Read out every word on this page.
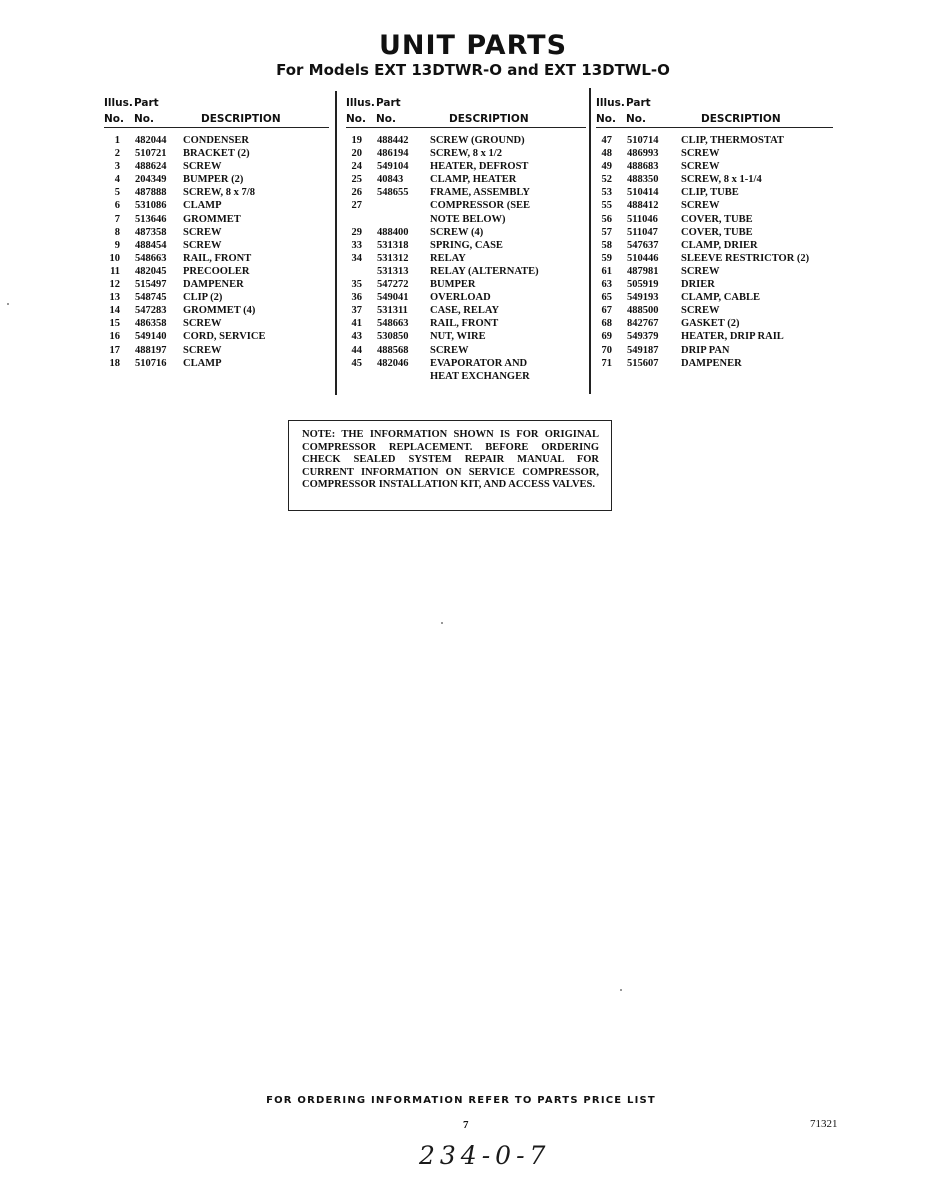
UNIT PARTS
For Models EXT 13DTWR-O and EXT 13DTWL-O
Illus. Part
No. No.	DESCRIPTION
1 482044 CONDENSER
2 510721 BRACKET (2)
3 488624 SCREW
4 204349 BUMPER (2)
5 487888 SCREW, 8 x 7/8
6 531086 CLAMP
7 513646 GROMMET
8 487358 SCREW
9 488454 SCREW
10 548663 RAIL, FRONT
11 482045 PRECOOLER
12 515497 DAMPENER
13 548745 CLIP (2)
14 547283 GROMMET (4)
15 486358 SCREW
16 549140 CORD, SERVICE
17 488197 SCREW
18 510716 CLAMP
Illus. Part
No. No.	DESCRIPTION
19 488442 SCREW (GROUND)
20 486194 SCREW, 8 x 1/2
24 549104 HEATER, DEFROST
25 40843	CLAMP, HEATER
26 548655 FRAME, ASSEMBLY
27	COMPRESSOR (SEE
NOTE BELOW)
29 488400 SCREW (4)
33 531318 SPRING, CASE
34 531312 RELAY
531313 RELAY (ALTERNATE)
35 547272 BUMPER
36 549041 OVERLOAD
37 531311 CASE, RELAY
41 548663 RAIL, FRONT
43 530850 NUT, WIRE
44 488568 SCREW
45 482046 EVAPORATOR AND
HEAT EXCHANGER
Illus. Part
No. No.	DESCRIPTION
47 510714 CLIP, THERMOSTAT
48 486993 SCREW
49 488683 SCREW
52 488350 SCREW, 8 x 1-1/4
53 510414 CLIP, TUBE
55 488412 SCREW
56 511046 COVER, TUBE
57 511047 COVER, TUBE
58 547637 CLAMP, DRIER
59 510446 SLEEVE RESTRICTOR (2)
61 487981 SCREW
63 505919 DRIER
65 549193 CLAMP, CABLE
67 488500 SCREW
68 842767 GASKET (2)
69 549379 HEATER, DRIP RAIL
70 549187 DRIP PAN
71 515607 DAMPENER
NOTE: THE INFORMATION SHOWN IS FOR ORIGINAL COMPRESSOR REPLACEMENT. BEFORE ORDERING CHECK SEALED SYSTEM REPAIR MANUAL FOR CURRENT INFORMATION ON SERVICE COMPRESSOR, COMPRESSOR INSTALLATION KIT, AND ACCESS VALVES.
FOR ORDERING INFORMATION REFER TO PARTS PRICE LIST
7	71321
234-0-7
